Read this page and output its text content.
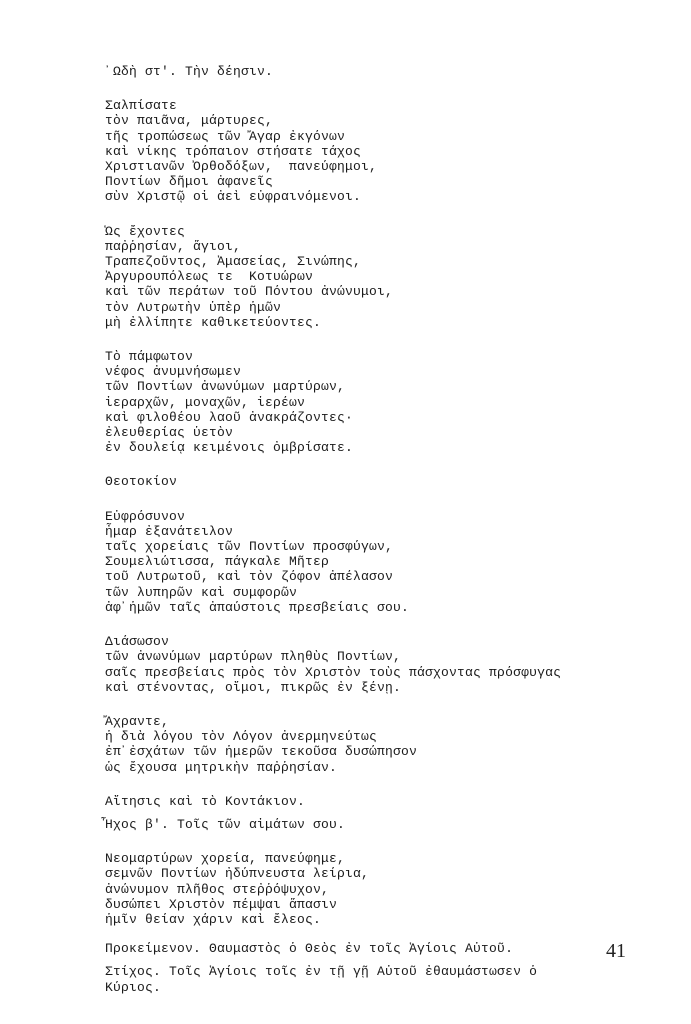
᾿Ωδὴ στ'. Τὴν δέησιν.
Σαλπίσατε
τὸν παιᾶνα, μάρτυρες,
τῆς τροπώσεως τῶν Ἄγαρ ἐκγόνων
καὶ νίκης τρόπαιον στήσατε τάχος
Χριστιανῶν Ὀρθοδόξων,  πανεύφημοι,
Ποντίων δῆμοι ἀφανεῖς
σὺν Χριστῷ οἱ ἀεὶ εὐφραινόμενοι.
Ὡς ἔχοντες
παῤῥησίαν, ἅγιοι,
Τραπεζοῦντος, Ἀμασείας, Σινώπης,
Ἀργυρουπόλεως τε  Κοτυώρων
καὶ τῶν περάτων τοῦ Πόντου ἀνώνυμοι,
τὸν Λυτρωτὴν ὑπὲρ ἡμῶν
μὴ ἐλλίπητε καθικετεύοντες.
Τὸ πάμφωτον
νέφος ἀνυμνήσωμεν
τῶν Ποντίων ἀνωνύμων μαρτύρων,
ἱεραρχῶν, μοναχῶν, ἱερέων
καὶ φιλοθέου λαοῦ ἀνακράζοντες·
ἐλευθερίας ὑετὸν
ἐν δουλείᾳ κειμένοις ὀμβρίσατε.
Θεοτοκίον
Εὐφρόσυνον
ἦμαρ ἐξανάτειλον
ταῖς χορείαις τῶν Ποντίων προσφύγων,
Σουμελιώτισσα, πάγκαλε Μῆτερ
τοῦ Λυτρωτοῦ, καὶ τὸν ζόφον ἀπέλασον
τῶν λυπηρῶν καὶ συμφορῶν
ἀφ᾿ἡμῶν ταῖς ἀπαύστοις πρεσβείαις σου.
Διάσωσον
τῶν ἀνωνύμων μαρτύρων πληθὺς Ποντίων,
σαῖς πρεσβείαις πρὸς τὸν Χριστὸν τοὺς πάσχοντας πρόσφυγας
καὶ στένοντας, οἴμοι, πικρῶς ἐν ξένῃ.
Ἄχραντε,
ἡ διὰ λόγου τὸν Λόγον ἀνερμηνεύτως
ἐπ᾿ἐσχάτων τῶν ἡμερῶν τεκοῦσα δυσώπησον
ὡς ἔχουσα μητρικὴν παῤῥησίαν.
Αἴτησις καὶ τὸ Κοντάκιον.
Ἦχος β'. Τοῖς τῶν αἱμάτων σου.
Νεομαρτύρων χορεία, πανεύφημε,
σεμνῶν Ποντίων ἠδύπνευστα λείρια,
ἀνώνυμον πλῆθος στεῤῥόψυχον,
δυσώπει Χριστὸν πέμψαι ἅπασιν
ἡμῖν θείαν χάριν καὶ ἔλεος.
Προκείμενον. Θαυμαστὸς ὁ Θεὸς ἐν τοῖς Ἁγίοις Αὐτοῦ.
Στίχος. Τοῖς Ἁγίοις τοῖς ἐν τῇ γῇ Αὐτοῦ ἐθαυμάστωσεν ὁ
Κύριος.
41
